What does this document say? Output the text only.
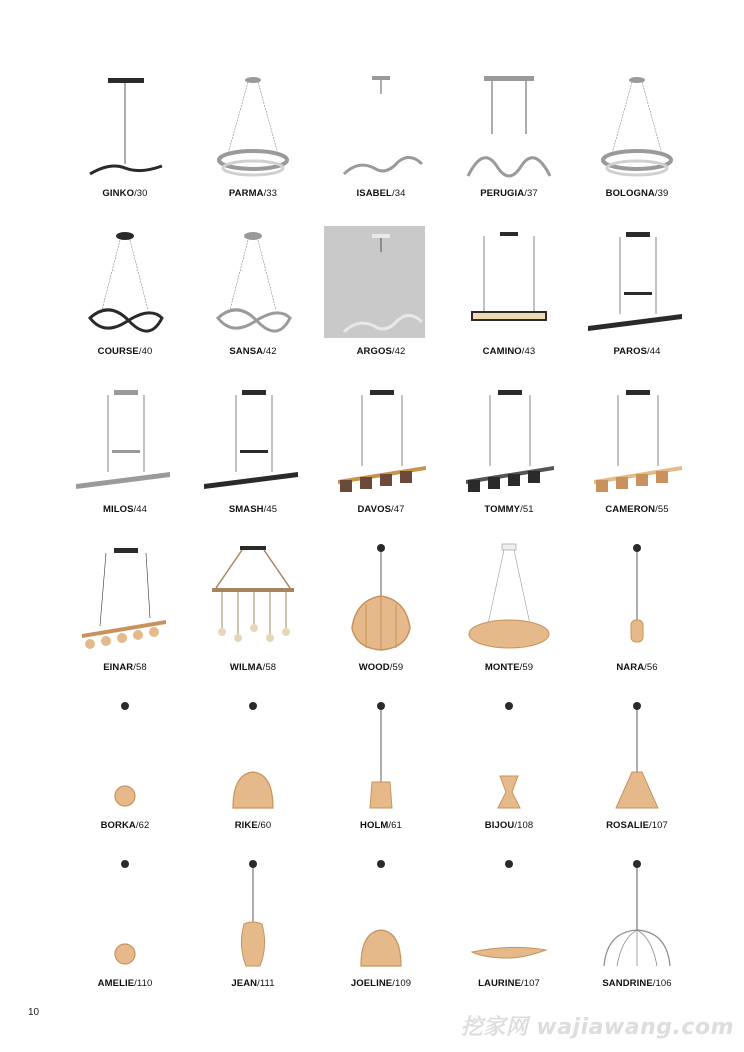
GINKO/30	PARMA/33	ISABEL/34	PERUGIA/37	BOLOGNA/39
COURSE/40	SANSA/42	ARGOS/42	CAMINO/43	PAROS/44
MILOS/44	SMASH/45	DAVOS/47	TOMMY/51	CAMERON/55
EINAR/58	WILMA/58	WOOD/59	MONTE/59	NARA/56
BORKA/62	RIKE/60	HOLM/61	BIJOU/108	ROSALIE/107
AMELIE/110	JEAN/111	JOELINE/109	LAURINE/107	SANDRINE/106
10
挖家网 wajiawang.com
